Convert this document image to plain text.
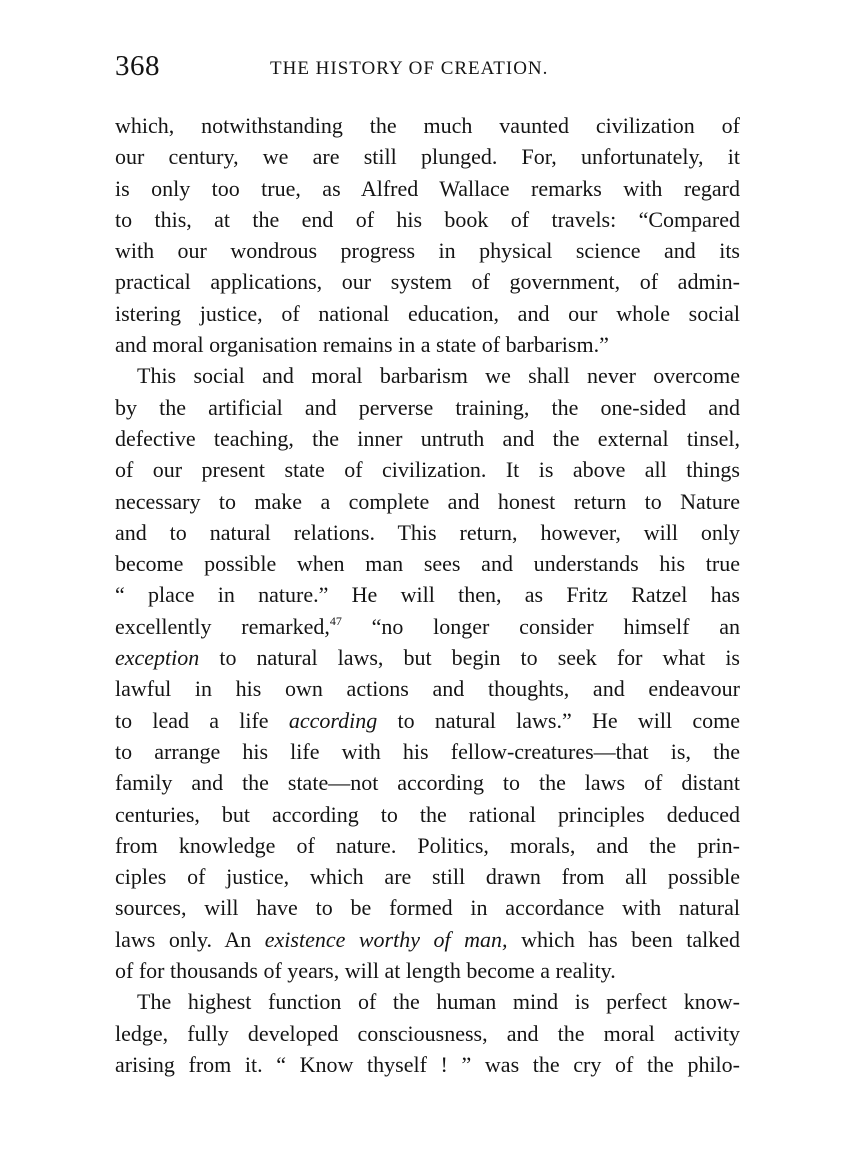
368	THE HISTORY OF CREATION.
which, notwithstanding the much vaunted civilization of
our century, we are still plunged. For, unfortunately, it
is only too true, as Alfred Wallace remarks with regard
to this, at the end of his book of travels: “Compared
with our wondrous progress in physical science and its
practical applications, our system of government, of admin-
istering justice, of national education, and our whole social
and moral organisation remains in a state of barbarism.”
This social and moral barbarism we shall never overcome
by the artificial and perverse training, the one-sided and
defective teaching, the inner untruth and the external tinsel,
of our present state of civilization. It is above all things
necessary to make a complete and honest return to Nature
and to natural relations. This return, however, will only
become possible when man sees and understands his true
“ place in nature.” He will then, as Fritz Ratzel has
excellently remarked,$^{47}$ “no longer consider himself an
exception to natural laws, but begin to seek for what is
lawful in his own actions and thoughts, and endeavour
to lead a life according to natural laws.” He will come
to arrange his life with his fellow-creatures—that is, the
family and the state—not according to the laws of distant
centuries, but according to the rational principles deduced
from knowledge of nature. Politics, morals, and the prin-
ciples of justice, which are still drawn from all possible
sources, will have to be formed in accordance with natural
laws only. An existence worthy of man, which has been talked
of for thousands of years, will at length become a reality.
The highest function of the human mind is perfect know-
ledge, fully developed consciousness, and the moral activity
arising from it. “ Know thyself ! ” was the cry of the philo-
